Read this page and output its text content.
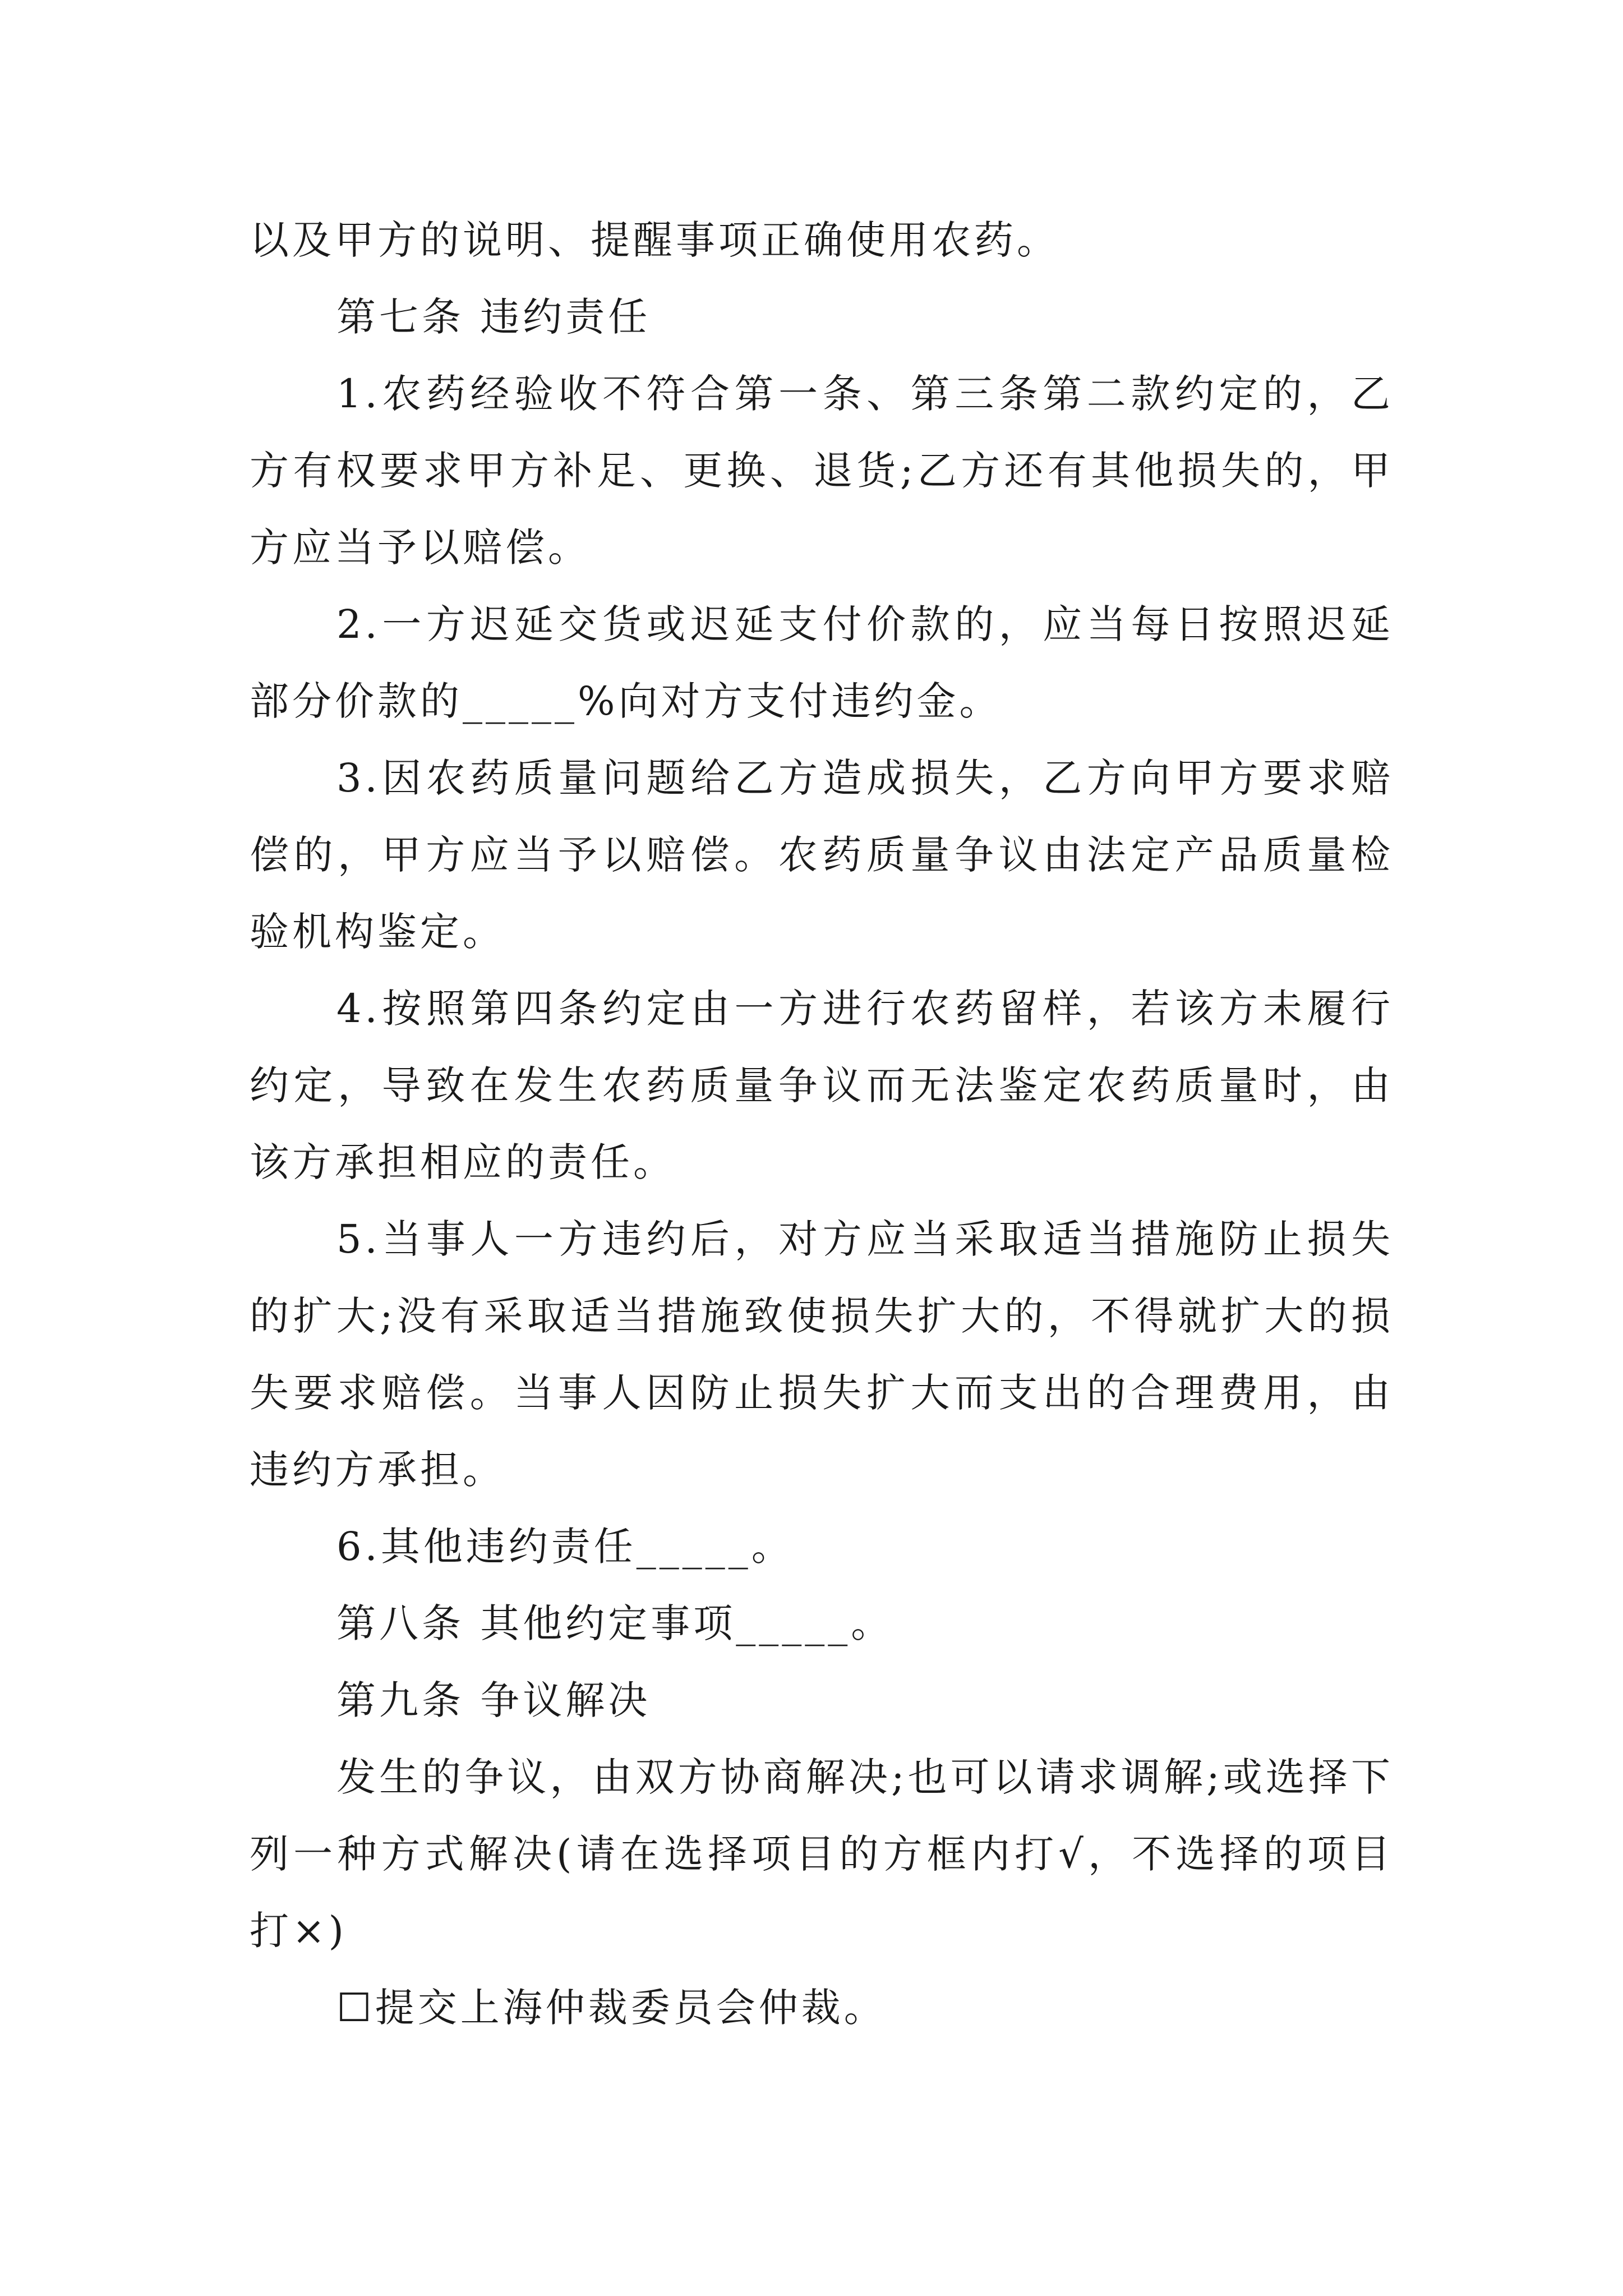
以及甲方的说明、提醒事项正确使用农药。

第七条 违约责任

1.农药经验收不符合第一条、第三条第二款约定的，乙方有权要求甲方补足、更换、退货;乙方还有其他损失的，甲方应当予以赔偿。

2.一方迟延交货或迟延支付价款的，应当每日按照迟延部分价款的_____%向对方支付违约金。

3.因农药质量问题给乙方造成损失，乙方向甲方要求赔偿的，甲方应当予以赔偿。农药质量争议由法定产品质量检验机构鉴定。

4.按照第四条约定由一方进行农药留样，若该方未履行约定，导致在发生农药质量争议而无法鉴定农药质量时，由该方承担相应的责任。

5.当事人一方违约后，对方应当采取适当措施防止损失的扩大;没有采取适当措施致使损失扩大的，不得就扩大的损失要求赔偿。当事人因防止损失扩大而支出的合理费用，由违约方承担。

6.其他违约责任_____。

第八条 其他约定事项_____。

第九条 争议解决

发生的争议，由双方协商解决;也可以请求调解;或选择下列一种方式解决(请在选择项目的方框内打√，不选择的项目打×)

☐提交上海仲裁委员会仲裁。
